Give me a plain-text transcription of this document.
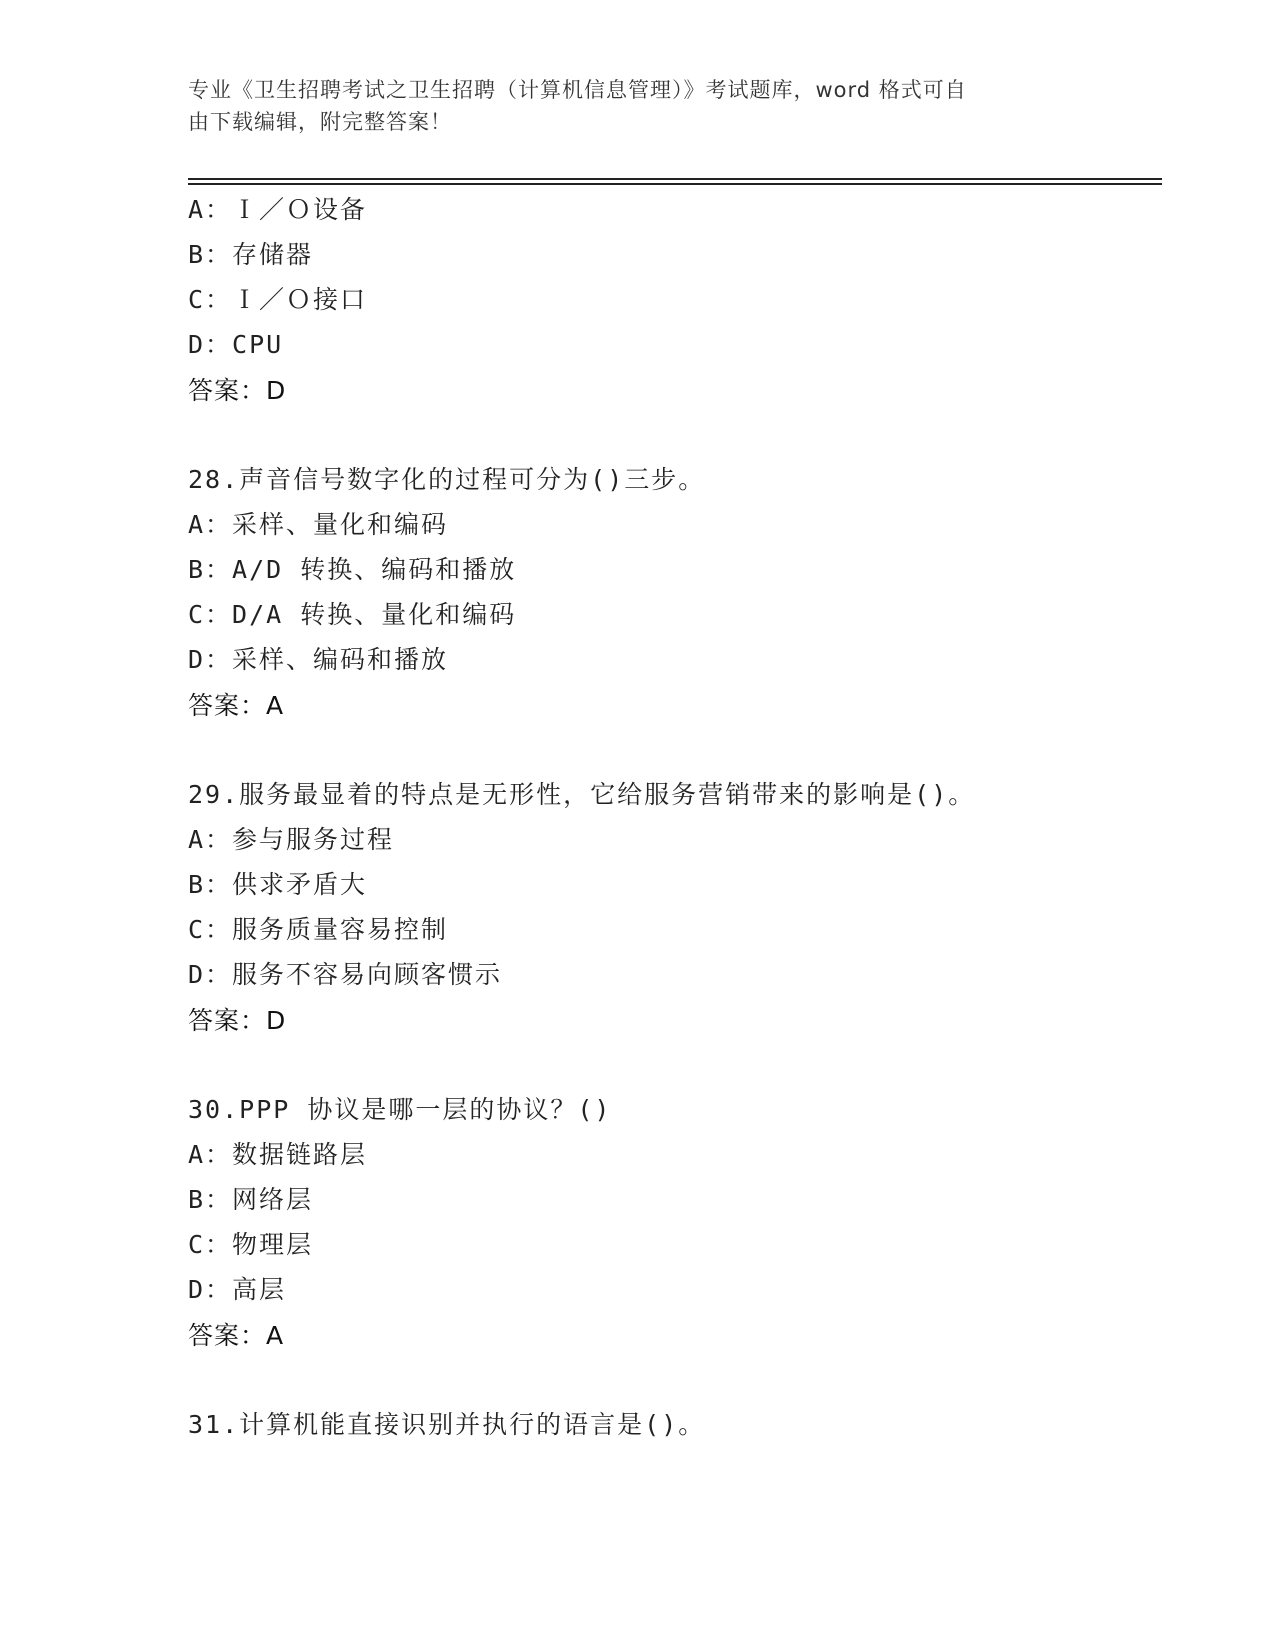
专业《卫生招聘考试之卫生招聘（计算机信息管理）》考试题库，word 格式可自
由下载编辑，附完整答案！
A：Ｉ／Ｏ设备
B：存储器
C：Ｉ／Ｏ接口
D：CPU
答案：D
28.声音信号数字化的过程可分为()三步。
A：采样、量化和编码
B：A/D 转换、编码和播放
C：D/A 转换、量化和编码
D：采样、编码和播放
答案：A
29.服务最显着的特点是无形性，它给服务营销带来的影响是()。
A：参与服务过程
B：供求矛盾大
C：服务质量容易控制
D：服务不容易向顾客惯示
答案：D
30.PPP 协议是哪一层的协议？()
A：数据链路层
B：网络层
C：物理层
D：高层
答案：A
31.计算机能直接识别并执行的语言是()。
